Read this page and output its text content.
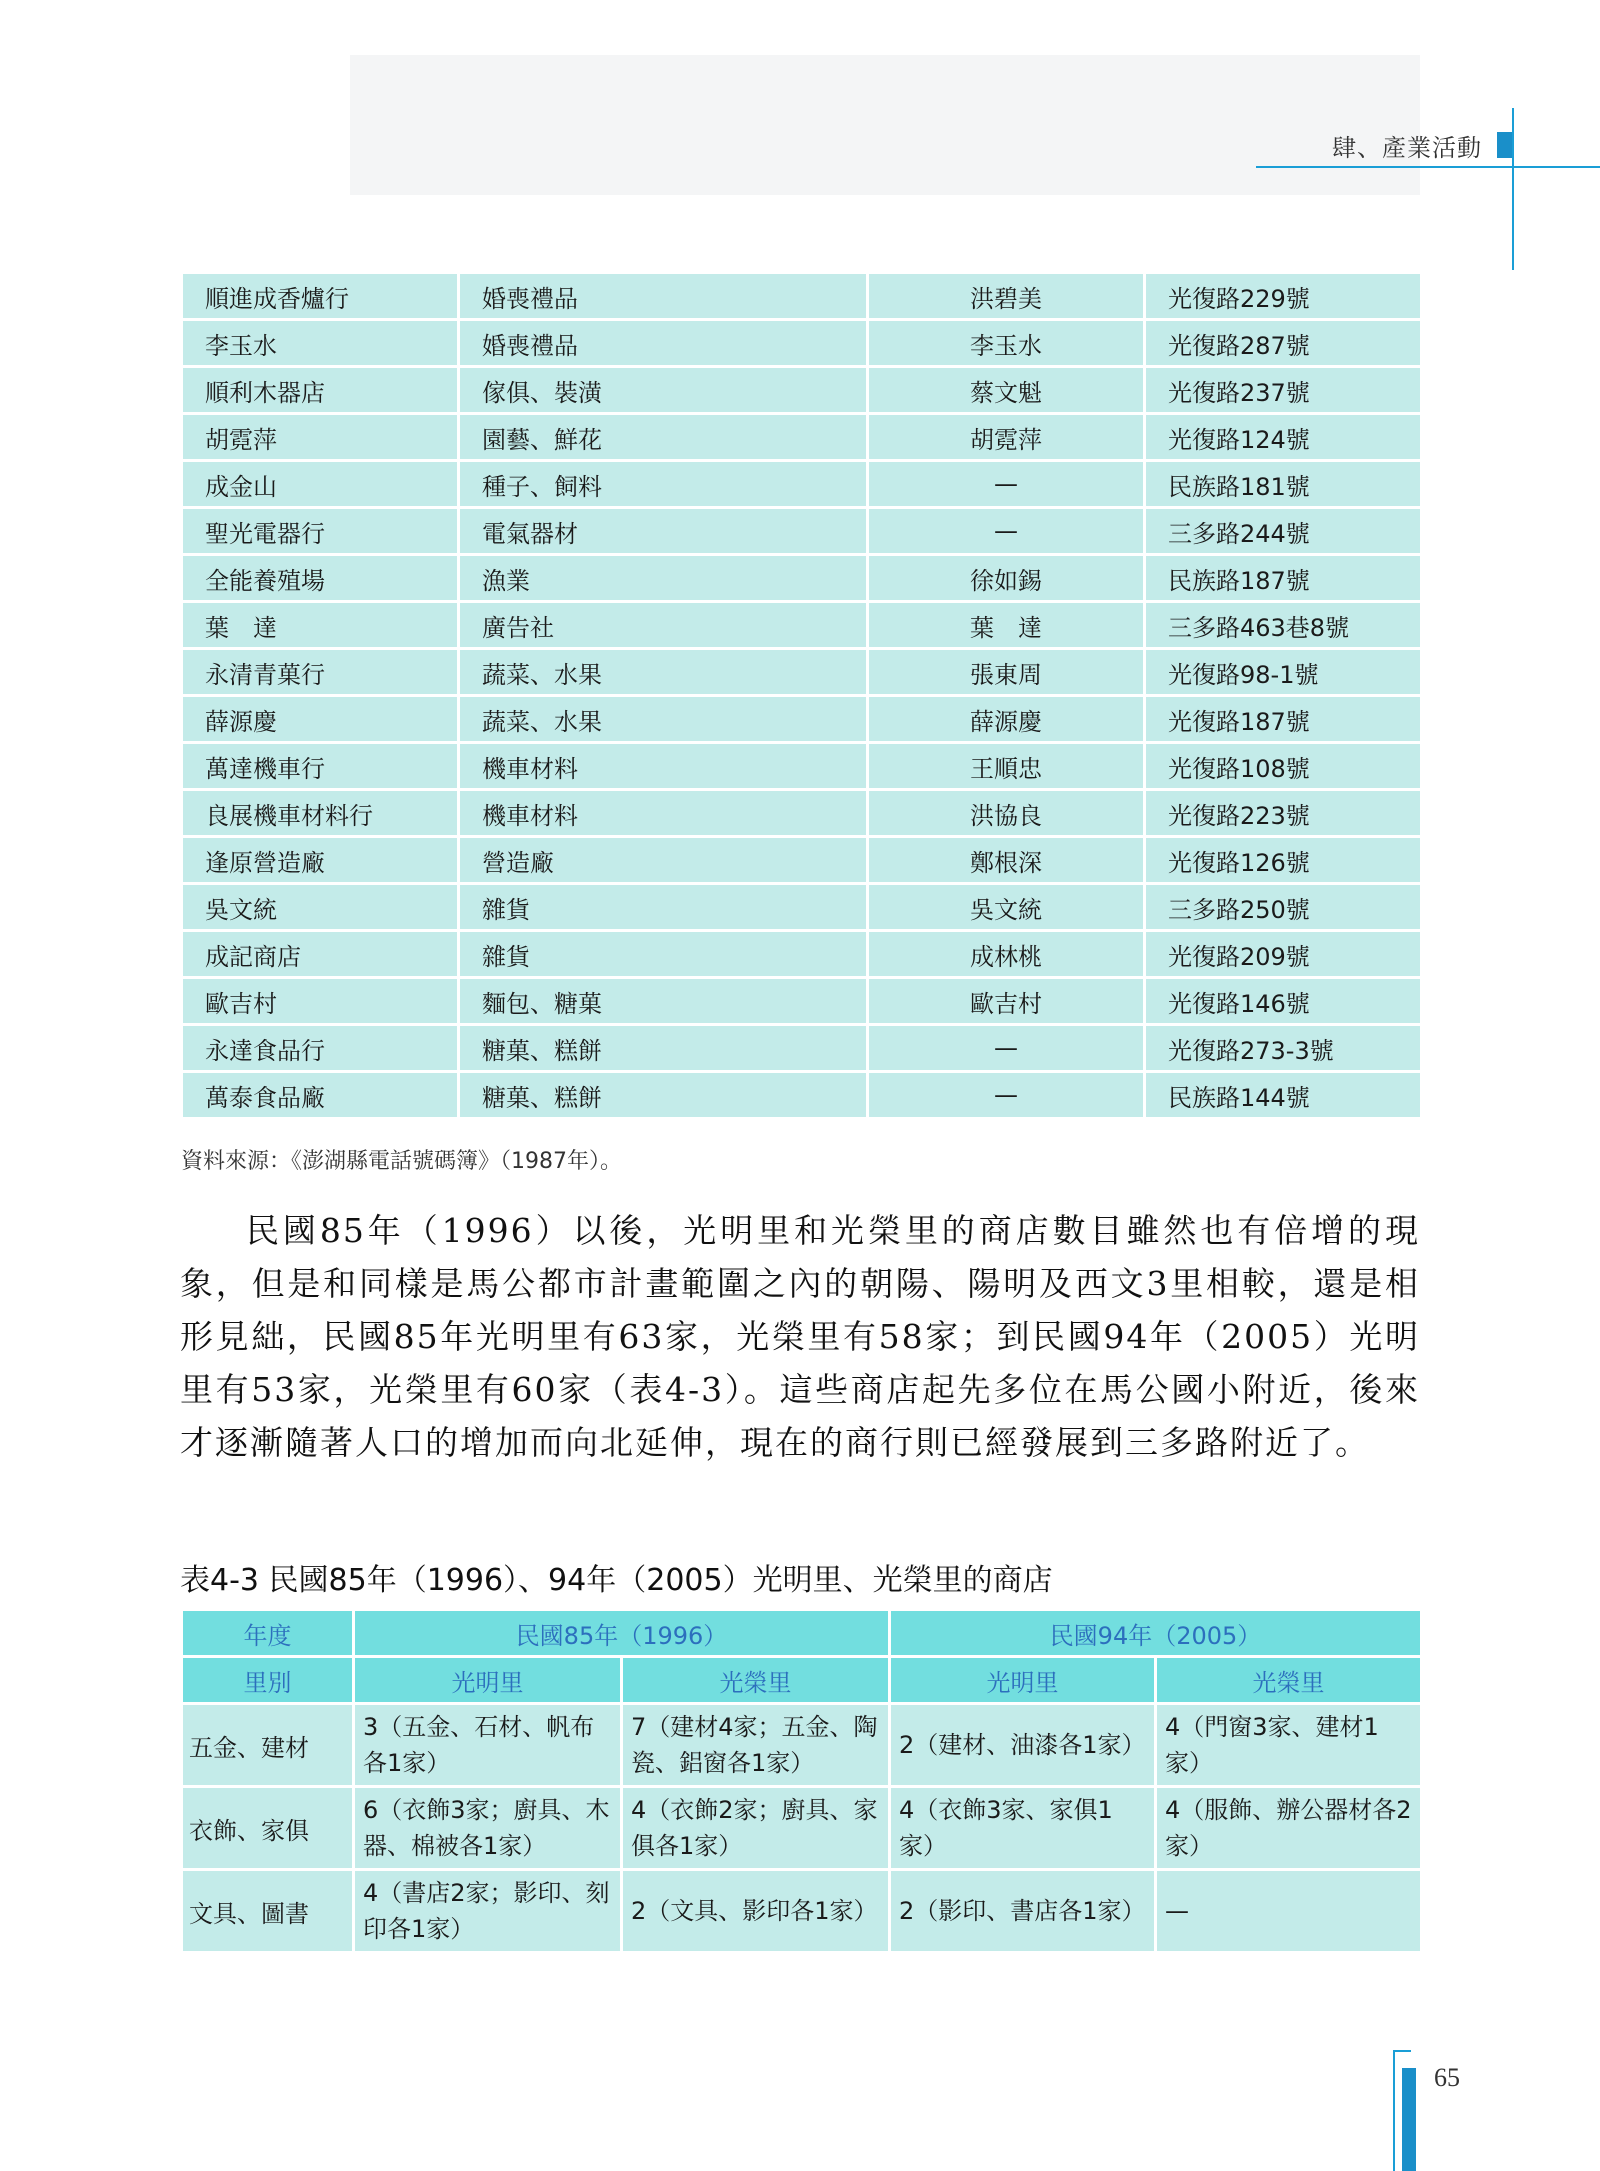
肆、產業活動
順進成香爐行	婚喪禮品	洪碧美	光復路229號
李玉水	婚喪禮品	李玉水	光復路287號
順利木器店	傢俱、裝潢	蔡文魁	光復路237號
胡霓萍	園藝、鮮花	胡霓萍	光復路124號
成金山	種子、飼料	—	民族路181號
聖光電器行	電氣器材	—	三多路244號
全能養殖場	漁業	徐如錫	民族路187號
葉　達	廣告社	葉　達	三多路463巷8號
永清青菓行	蔬菜、水果	張東周	光復路98-1號
薛源慶	蔬菜、水果	薛源慶	光復路187號
萬達機車行	機車材料	王順忠	光復路108號
良展機車材料行	機車材料	洪協良	光復路223號
逢原營造廠	營造廠	鄭根深	光復路126號
吳文統	雜貨	吳文統	三多路250號
成記商店	雜貨	成林桃	光復路209號
歐吉村	麵包、糖菓	歐吉村	光復路146號
永達食品行	糖菓、糕餅	—	光復路273-3號
萬泰食品廠	糖菓、糕餅	—	民族路144號
資料來源：《澎湖縣電話號碼簿》（1987年）。
民國85年（1996）以後，光明里和光榮里的商店數目雖然也有倍增的現象，但是和同樣是馬公都市計畫範圍之內的朝陽、陽明及西文3里相較，還是相形見絀，民國85年光明里有63家，光榮里有58家；到民國94年（2005）光明里有53家，光榮里有60家（表4-3）。這些商店起先多位在馬公國小附近，後來才逐漸隨著人口的增加而向北延伸，現在的商行則已經發展到三多路附近了。
表4-3 民國85年（1996）、94年（2005）光明里、光榮里的商店
年度	民國85年（1996）		民國94年（2005）	
里別	光明里	光榮里	光明里	光榮里
五金、建材	3（五金、石材、帆布各1家）	7（建材4家；五金、陶瓷、鋁窗各1家）	2（建材、油漆各1家）	4（門窗3家、建材1家）
衣飾、家俱	6（衣飾3家；廚具、木器、棉被各1家）	4（衣飾2家；廚具、家俱各1家）	4（衣飾3家、家俱1家）	4（服飾、辦公器材各2家）
文具、圖書	4（書店2家；影印、刻印各1家）	2（文具、影印各1家）	2（影印、書店各1家）	—
65
